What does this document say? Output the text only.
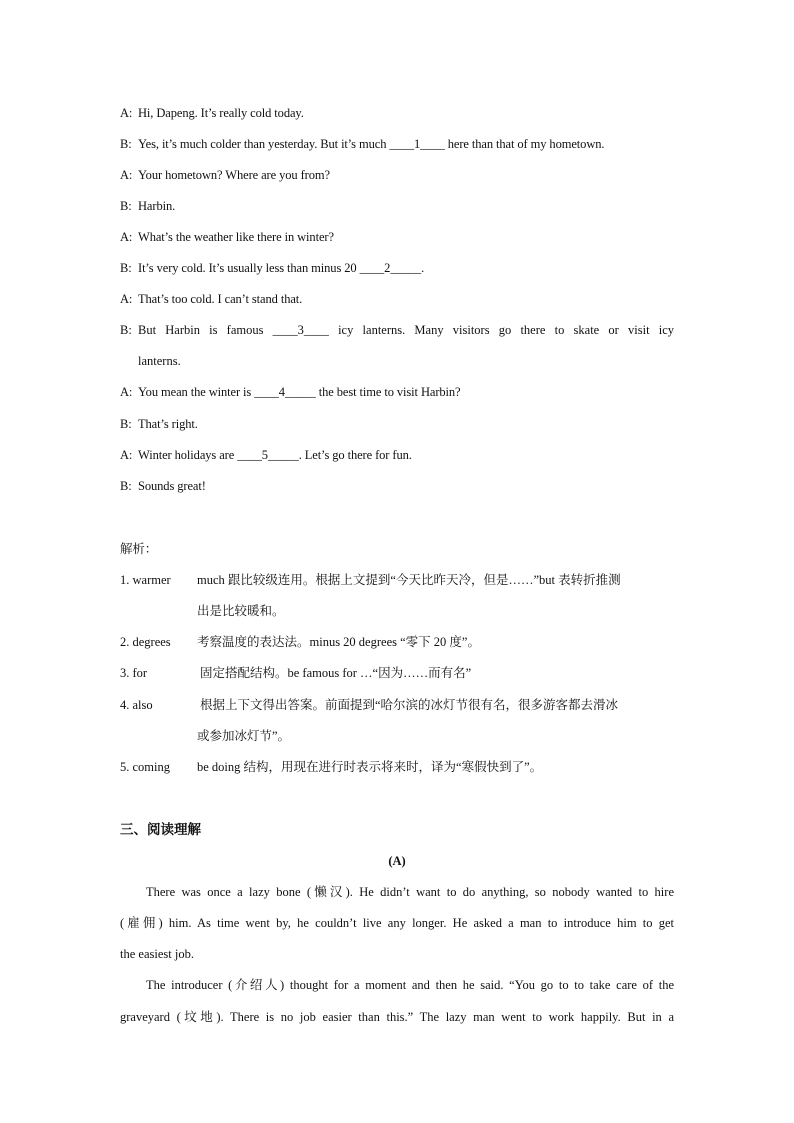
A: Hi, Dapeng. It’s really cold today.
B: Yes, it’s much colder than yesterday. But it’s much ____1____ here than that of my hometown.
A: Your hometown? Where are you from?
B: Harbin.
A: What’s the weather like there in winter?
B: It’s very cold. It’s usually less than minus 20 ____2_____.
A: That’s too cold. I can’t stand that.
B: But Harbin is famous ____3____ icy lanterns. Many visitors go there to skate or visit icy
lanterns.
A: You mean the winter is ____4_____ the best time to visit Harbin?
B: That’s right.
A: Winter holidays are ____5_____. Let’s go there for fun.
B: Sounds great!
解析：
1. warmer much 跟比较级连用。根据上文提到“今天比昨天冷，但是……”but 表转折推测
出是比较暖和。
2. degrees 考察温度的表达法。minus 20 degrees “零下 20 度”。
3. for	固定搭配结构。be famous for …“因为……而有名”
4. also	根据上下文得出答案。前面提到“哈尔滨的冰灯节很有名，很多游客都去滑冰
或参加冰灯节”。
5. coming be doing 结构，用现在进行时表示将来时，译为“寒假快到了”。
三、阅读理解
(A)
There was once a lazy bone (懒汉). He didn’t want to do anything, so nobody wanted to hire
(雇佣) him. As time went by, he couldn’t live any longer. He asked a man to introduce him to get
the easiest job.
The introducer (介绍人) thought for a moment and then he said. “You go to to take care of the
graveyard (坟地). There is no job easier than this.” The lazy man went to work happily. But in a
